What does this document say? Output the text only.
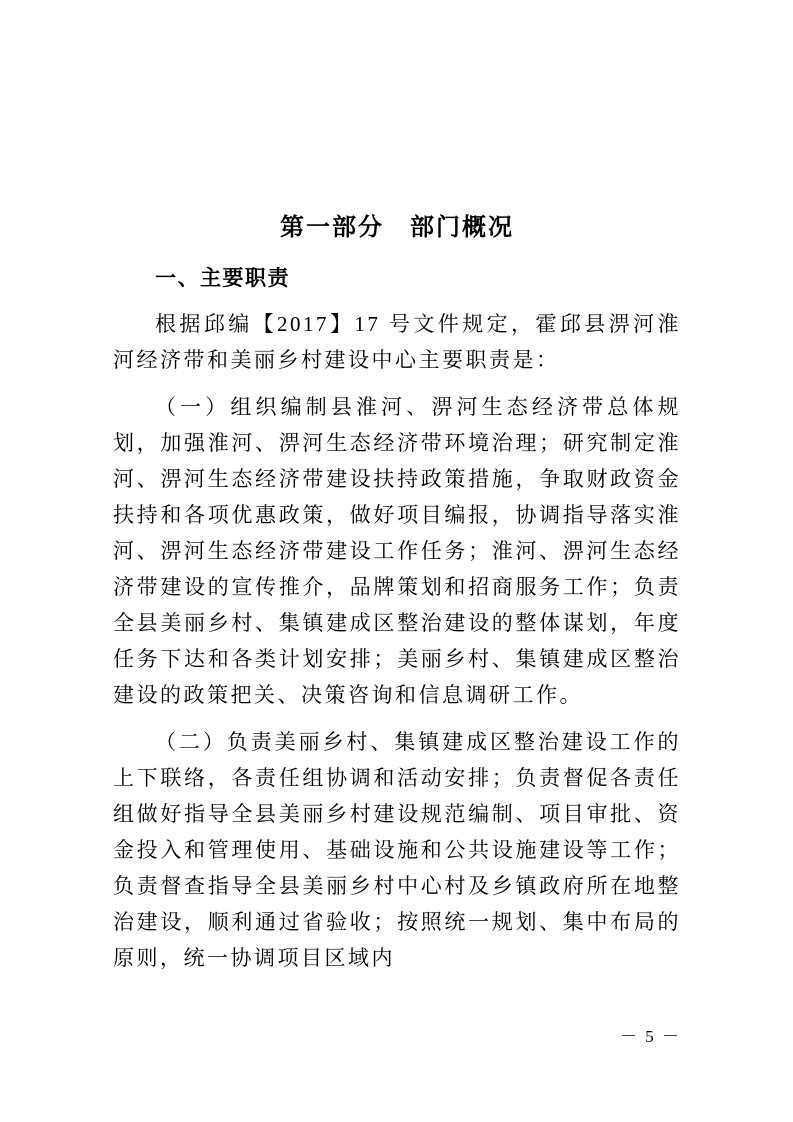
第一部分　部门概况
一、主要职责

根据邱编【2017】17 号文件规定，霍邱县淠河淮河经济带和美丽乡村建设中心主要职责是：

（一）组织编制县淮河、淠河生态经济带总体规划，加强淮河、淠河生态经济带环境治理；研究制定淮河、淠河生态经济带建设扶持政策措施，争取财政资金扶持和各项优惠政策，做好项目编报，协调指导落实淮河、淠河生态经济带建设工作任务；淮河、淠河生态经济带建设的宣传推介，品牌策划和招商服务工作；负责全县美丽乡村、集镇建成区整治建设的整体谋划，年度任务下达和各类计划安排；美丽乡村、集镇建成区整治建设的政策把关、决策咨询和信息调研工作。

（二）负责美丽乡村、集镇建成区整治建设工作的上下联络，各责任组协调和活动安排；负责督促各责任组做好指导全县美丽乡村建设规范编制、项目审批、资金投入和管理使用、基础设施和公共设施建设等工作；负责督查指导全县美丽乡村中心村及乡镇政府所在地整治建设，顺利通过省验收；按照统一规划、集中布局的原则，统一协调项目区域内

－ 5 －
